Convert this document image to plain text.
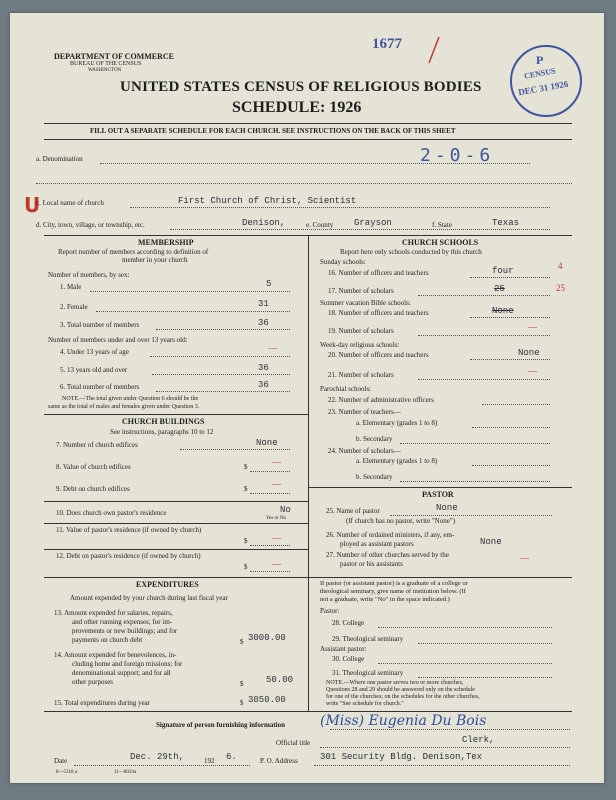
DEPARTMENT OF COMMERCE
BUREAU OF THE CENSUS
WASHINGTON
1677
UNITED STATES CENSUS OF RELIGIOUS BODIES
SCHEDULE: 1926
P
CENSUS
DEC 31 1926
FILL OUT A SEPARATE SCHEDULE FOR EACH CHURCH. SEE INSTRUCTIONS ON THE BACK OF THIS SHEET
a. Denomination	2-0-6
U
c. Local name of church	First Church of Christ, Scientist
d. City, town, village, or township, etc.	Denison,	e. County Grayson	f. State	Texas
MEMBERSHIP
Report number of members according to definition of
member in your church
Number of members, by sex:
1. Male	5
2. Female	31
3. Total number of members	36
Number of members under and over 13 years old:
4. Under 13 years of age	—
5. 13 years old and over	36
6. Total number of members	36
NOTE.—The total given under Question 6 should be the
same as the total of males and females given under Question 3.
CHURCH BUILDINGS
See instructions, paragraphs 10 to 12
7. Number of church edifices	None
8. Value of church edifices	$	—
9. Debt on church edifices	$	—
10. Does church own pastor's residence	No
Yes or No
11. Value of pastor's residence (if owned by church)
$	—
12. Debt on pastor's residence (if owned by church)
$	—
EXPENDITURES
Amount expended by your church during last fiscal year
13. Amount expended for salaries, repairs,
and other running expenses; for im-
provements or new buildings; and for
payments on church debt	$ 3000.00
14. Amount expended for benevolences, in-
cluding home and foreign missions; for
denominational support; and for all
other purposes	$	50.00
15. Total expenditures during year	$ 3050.00
CHURCH SCHOOLS
Report here only schools conducted by this church
Sunday schools:
16. Number of officers and teachers	four	4
17. Number of scholars	25	25
Summer vacation Bible schools:
18. Number of officers and teachers	None
19. Number of scholars	—
Week-day religious schools:
20. Number of officers and teachers	None
21. Number of scholars	—
Parochial schools:
22. Number of administrative officers
23. Number of teachers—
a. Elementary (grades 1 to 8)
b. Secondary
24. Number of scholars—
a. Elementary (grades 1 to 8)
b. Secondary
PASTOR
25. Name of pastor	None
(If church has no pastor, write "None")
26. Number of ordained ministers, if any, em-
ployed as assistant pastors	None
27. Number of other churches served by the
pastor or his assistants
—
If pastor (or assistant pastor) is a graduate of a college or
theological seminary, give name of institution below. (If
not a graduate, write "No" in the space indicated.)
Pastor:
28. College
29. Theological seminary
Assistant pastor:
30. College
31. Theological seminary
NOTE.—Where one pastor serves two or more churches,
Questions 28 and 29 should be answered only on the schedule
for one of the churches; on the schedules for the other churches,
write "See schedule for church."
Signature of person furnishing information	(Miss) Eugenia Du Bois
Official title	Clerk,
Date	Dec. 29th,	192 6.	P. O. Address 301 Security Bldg. Denison,Tex
8—5318 a	11—8034a
